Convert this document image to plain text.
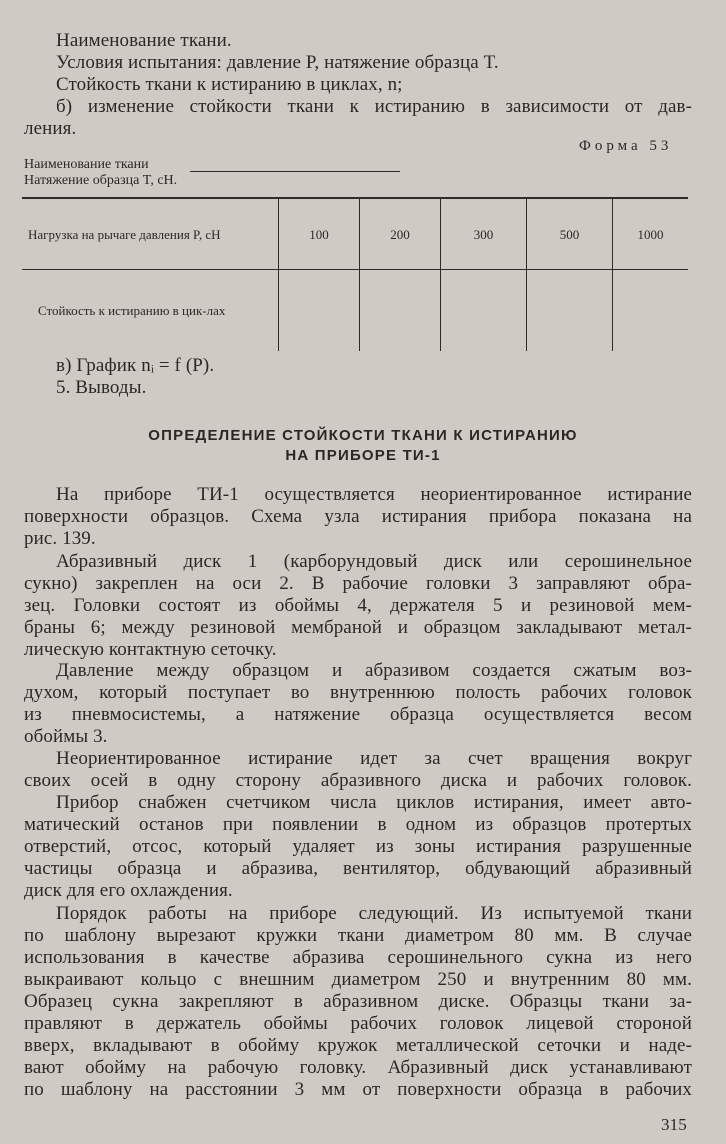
Наименование ткани.
Условия испытания: давление P, натяжение образца T.
Стойкость ткани к истиранию в циклах, n;
б) изменение стойкости ткани к истиранию в зависимости от дав-
ления.
Форма 53
Наименование ткани
Натяжение образца T, сН.
Нагрузка на рычаге давления P, сН	100	200	300	500	1000
Стойкость к истиранию в цик-лах					
в) График nᵢ = f (P).
5. Выводы.
ОПРЕДЕЛЕНИЕ СТОЙКОСТИ ТКАНИ К ИСТИРАНИЮ
НА ПРИБОРЕ ТИ-1
На приборе ТИ-1 осуществляется неориентированное истирание
поверхности образцов. Схема узла истирания прибора показана на
рис. 139.
Абразивный диск 1 (карборундовый диск или серошинельное
сукно) закреплен на оси 2. В рабочие головки 3 заправляют обра-
зец. Головки состоят из обоймы 4, держателя 5 и резиновой мем-
браны 6; между резиновой мембраной и образцом закладывают метал-
лическую контактную сеточку.
Давление между образцом и абразивом создается сжатым воз-
духом, который поступает во внутреннюю полость рабочих головок
из пневмосистемы, а натяжение образца осуществляется весом
обоймы 3.
Неориентированное истирание идет за счет вращения вокруг
своих осей в одну сторону абразивного диска и рабочих головок.
Прибор снабжен счетчиком числа циклов истирания, имеет авто-
матический останов при появлении в одном из образцов протертых
отверстий, отсос, который удаляет из зоны истирания разрушенные
частицы образца и абразива, вентилятор, обдувающий абразивный
диск для его охлаждения.
Порядок работы на приборе следующий. Из испытуемой ткани
по шаблону вырезают кружки ткани диаметром 80 мм. В случае
использования в качестве абразива серошинельного сукна из него
выкраивают кольцо с внешним диаметром 250 и внутренним 80 мм.
Образец сукна закрепляют в абразивном диске. Образцы ткани за-
правляют в держатель обоймы рабочих головок лицевой стороной
вверх, вкладывают в обойму кружок металлической сеточки и наде-
вают обойму на рабочую головку. Абразивный диск устанавливают
по шаблону на расстоянии 3 мм от поверхности образца в рабочих
315
